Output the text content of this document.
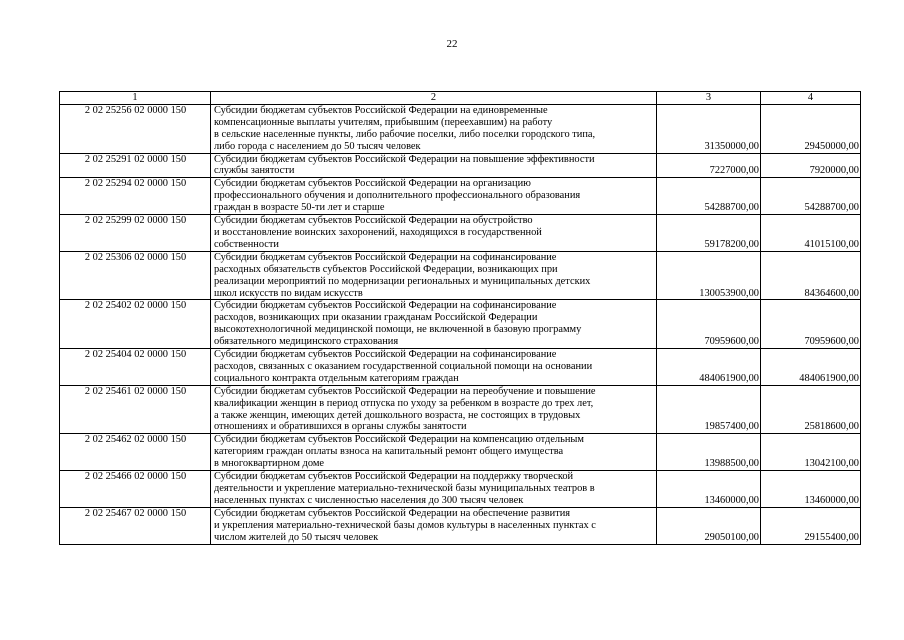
22
1	2	3	4
2 02 25256 02 0000 150	Субсидии бюджетам субъектов Российской Федерации на единовременные
компенсационные выплаты учителям, прибывшим (переехавшим) на работу
в сельские населенные пункты, либо рабочие поселки, либо поселки городского типа,
либо города с населением до 50 тысяч человек	31350000,00	29450000,00
2 02 25291 02 0000 150	Субсидии бюджетам субъектов Российской Федерации на повышение эффективности
службы занятости	7227000,00	7920000,00
2 02 25294 02 0000 150	Субсидии бюджетам субъектов Российской Федерации на организацию
профессионального обучения и дополнительного профессионального образования
граждан в возрасте 50-ти лет и старше	54288700,00	54288700,00
2 02 25299 02 0000 150	Субсидии бюджетам субъектов Российской Федерации на обустройство
и восстановление воинских захоронений, находящихся в государственной
собственности	59178200,00	41015100,00
2 02 25306 02 0000 150	Субсидии бюджетам субъектов Российской Федерации на софинансирование
расходных обязательств субъектов Российской Федерации, возникающих при
реализации мероприятий по модернизации региональных и муниципальных детских
школ искусств по видам искусств	130053900,00	84364600,00
2 02 25402 02 0000 150	Субсидии бюджетам субъектов Российской Федерации на софинансирование
расходов, возникающих при оказании гражданам Российской Федерации
высокотехнологичной медицинской помощи, не включенной в базовую программу
обязательного медицинского страхования	70959600,00	70959600,00
2 02 25404 02 0000 150	Субсидии бюджетам субъектов Российской Федерации на софинансирование
расходов, связанных с оказанием государственной социальной помощи на основании
социального контракта отдельным категориям граждан	484061900,00	484061900,00
2 02 25461 02 0000 150	Субсидии бюджетам субъектов Российской Федерации на переобучение и повышение
квалификации женщин в период отпуска по уходу за ребенком в возрасте до трех лет,
а также женщин, имеющих детей дошкольного возраста, не состоящих в трудовых
отношениях и обратившихся в органы службы занятости	19857400,00	25818600,00
2 02 25462 02 0000 150	Субсидии бюджетам субъектов Российской Федерации на компенсацию отдельным
категориям граждан оплаты взноса на капитальный ремонт общего имущества
в многоквартирном доме	13988500,00	13042100,00
2 02 25466 02 0000 150	Субсидии бюджетам субъектов Российской Федерации на поддержку творческой
деятельности и укрепление материально-технической базы муниципальных театров в
населенных пунктах с численностью населения до 300 тысяч человек	13460000,00	13460000,00
2 02 25467 02 0000 150	Субсидии бюджетам субъектов Российской Федерации на обеспечение развития
и укрепления материально-технической базы домов культуры в населенных пунктах с
числом жителей до 50 тысяч человек	29050100,00	29155400,00
